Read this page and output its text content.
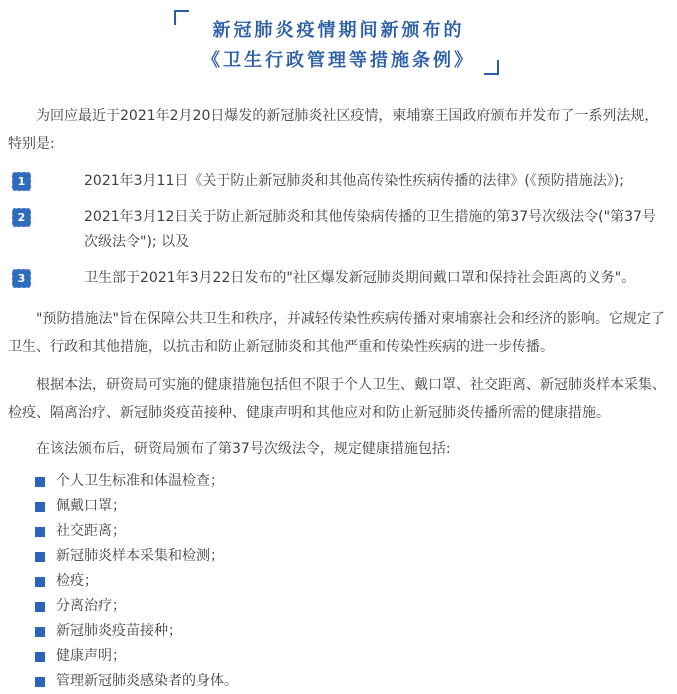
新冠肺炎疫情期间新颁布的
《卫生行政管理等措施条例》

为回应最近于2021年2月20日爆发的新冠肺炎社区疫情，柬埔寨王国政府颁布并发布了一系列法规，特别是:

1	2021年3月11日《关于防止新冠肺炎和其他高传染性疾病传播的法律》(《预防措施法》);
2	2021年3月12日关于防止新冠肺炎和其他传染病传播的卫生措施的第37号次级法令("第37号次级法令"); 以及
3	卫生部于2021年3月22日发布的"社区爆发新冠肺炎期间戴口罩和保持社会距离的义务"。

"预防措施法"旨在保障公共卫生和秩序，并减轻传染性疾病传播对柬埔寨社会和经济的影响。它规定了卫生、行政和其他措施，以抗击和防止新冠肺炎和其他严重和传染性疾病的进一步传播。

根据本法，研资局可实施的健康措施包括但不限于个人卫生、戴口罩、社交距离、新冠肺炎样本采集、检疫、隔离治疗、新冠肺炎疫苗接种、健康声明和其他应对和防止新冠肺炎传播所需的健康措施。

在该法颁布后，研资局颁布了第37号次级法令，规定健康措施包括:

个人卫生标准和体温检查；
佩戴口罩；
社交距离；
新冠肺炎样本采集和检测；
检疫；
分离治疗；
新冠肺炎疫苗接种；
健康声明；
管理新冠肺炎感染者的身体。
